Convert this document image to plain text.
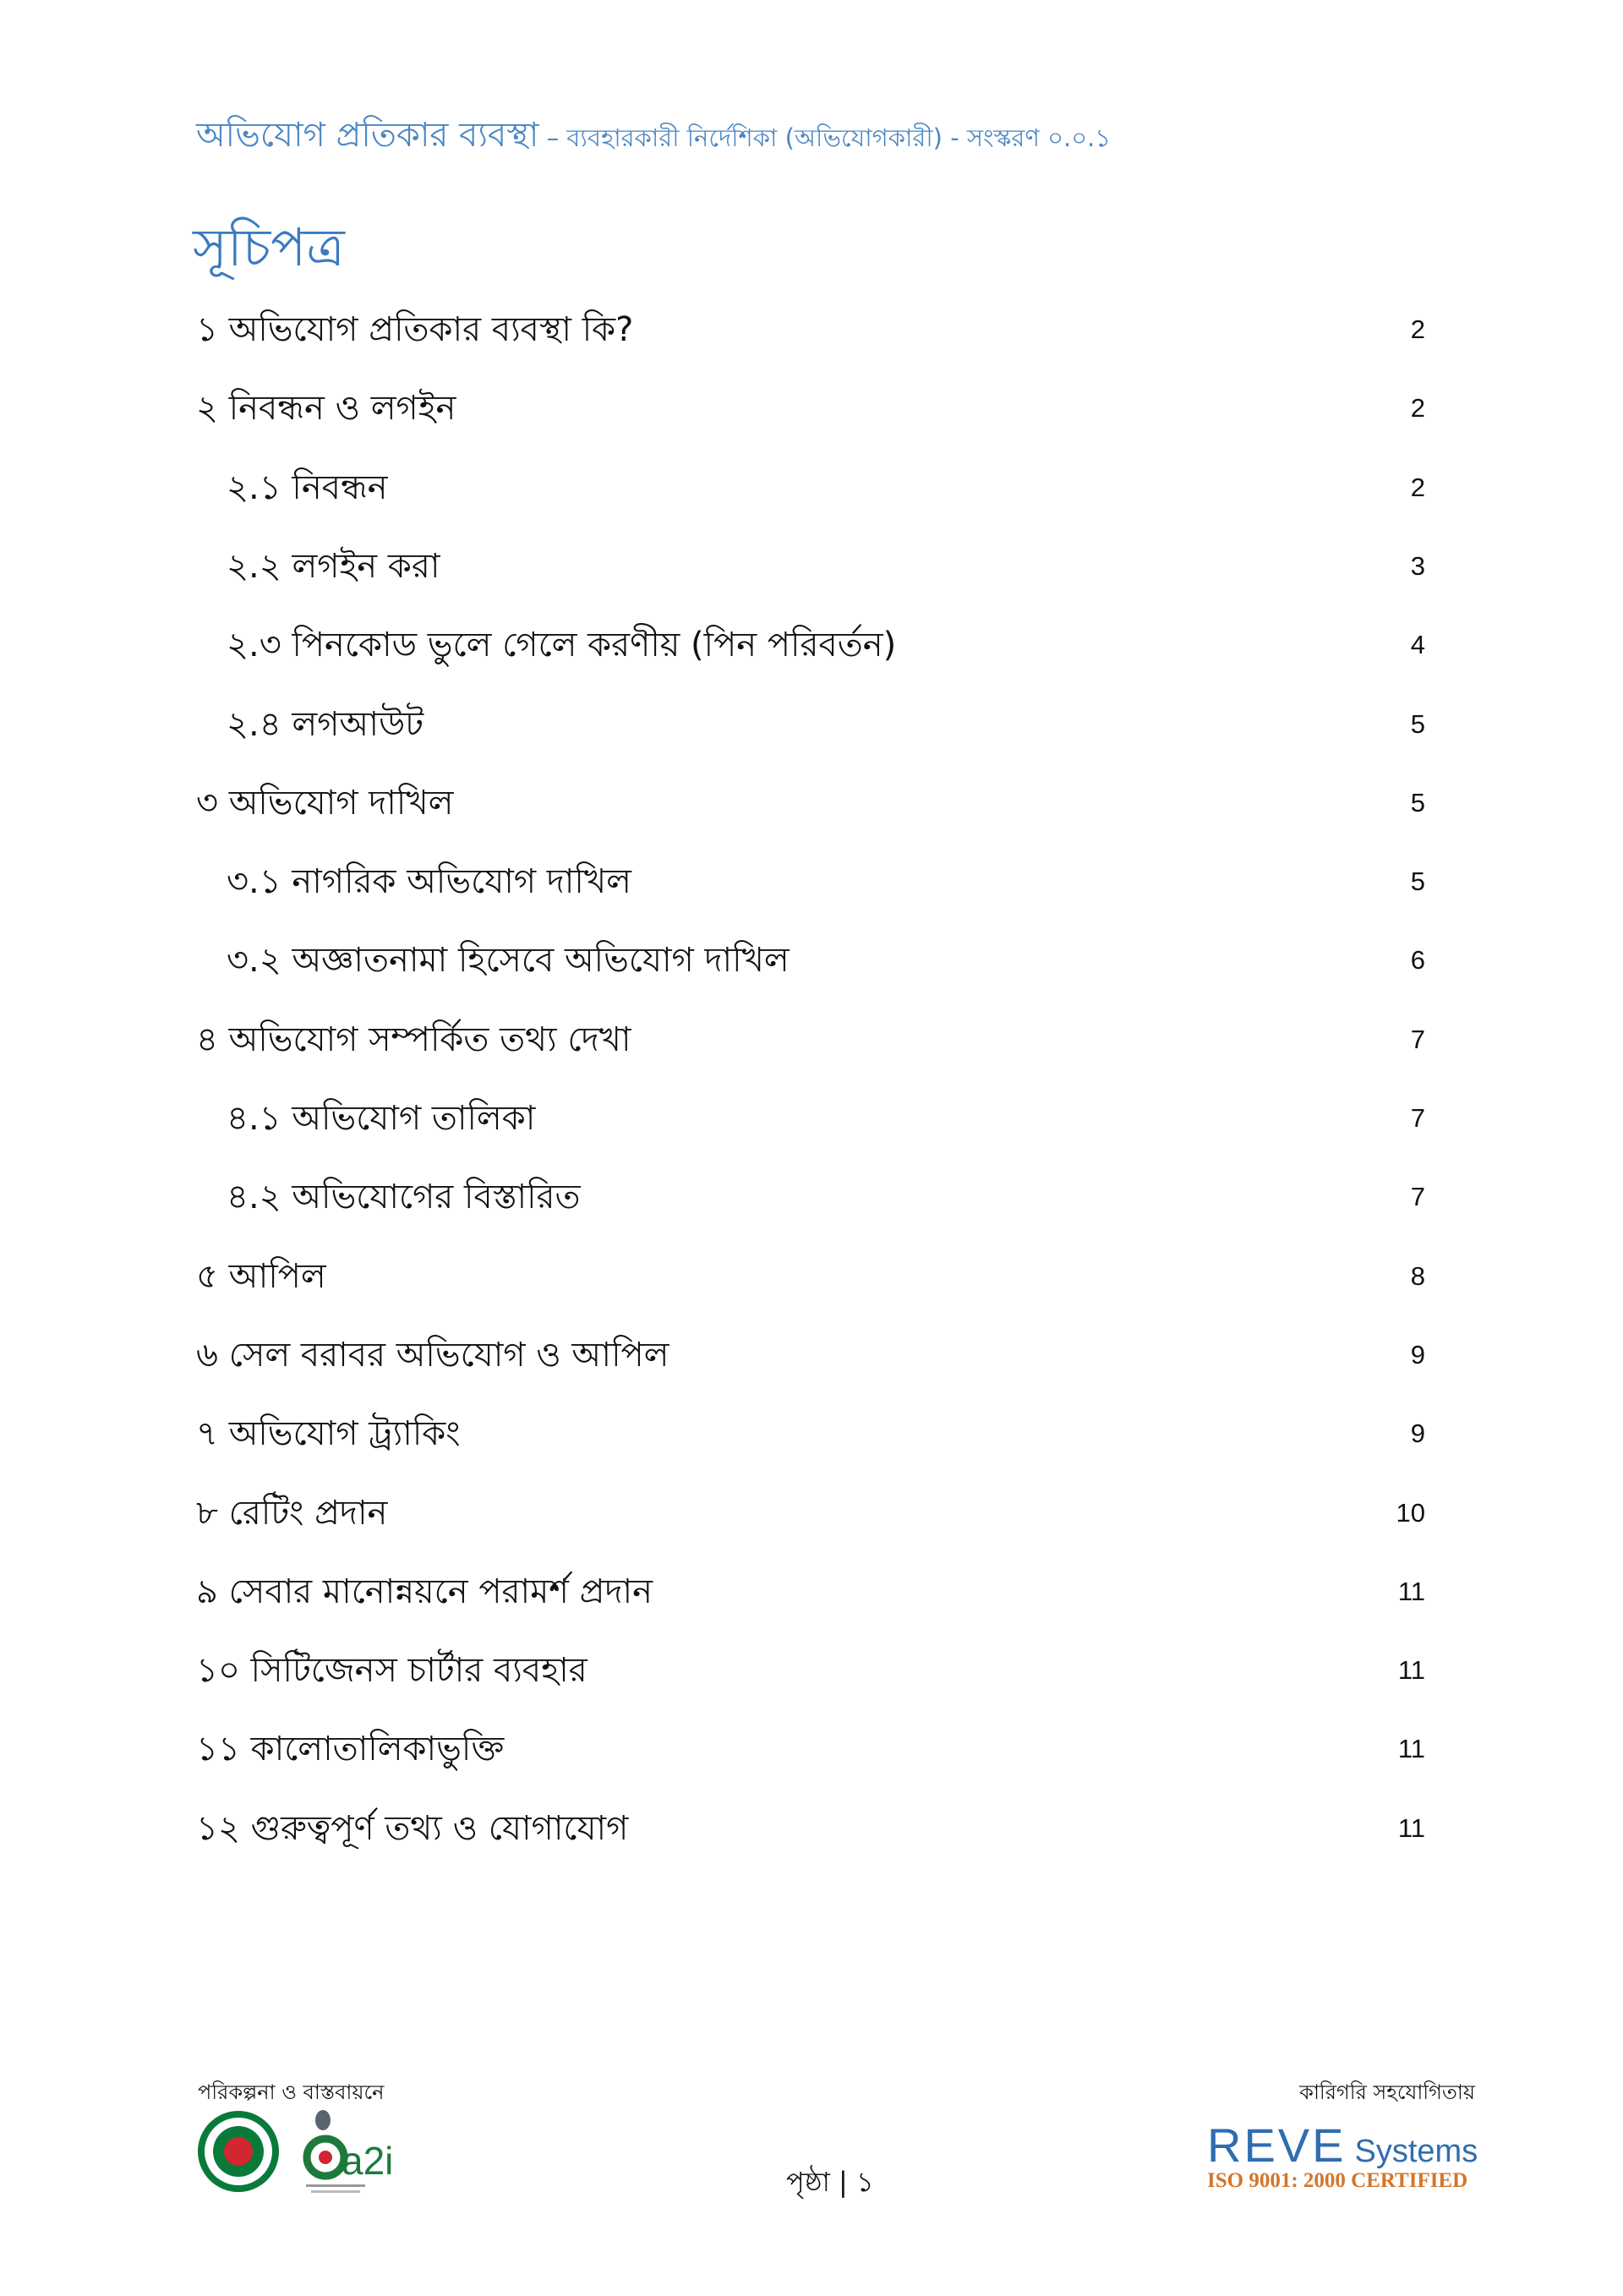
অভিযোগ প্রতিকার ব্যবস্থা – ব্যবহারকারী নির্দেশিকা (অভিযোগকারী) - সংস্করণ ০.০.১
সূচিপত্র
১ অভিযোগ প্রতিকার ব্যবস্থা কি?	2
২ নিবন্ধন ও লগইন	2
২.১ নিবন্ধন	2
২.২ লগইন করা	3
২.৩ পিনকোড ভুলে গেলে করণীয় (পিন পরিবর্তন)	4
২.৪ লগআউট	5
৩ অভিযোগ দাখিল	5
৩.১ নাগরিক অভিযোগ দাখিল	5
৩.২ অজ্ঞাতনামা হিসেবে অভিযোগ দাখিল	6
৪ অভিযোগ সম্পর্কিত তথ্য দেখা	7
৪.১ অভিযোগ তালিকা	7
৪.২ অভিযোগের বিস্তারিত	7
৫ আপিল	8
৬ সেল বরাবর অভিযোগ ও আপিল	9
৭ অভিযোগ ট্র্যাকিং	9
৮ রেটিং প্রদান	10
৯ সেবার মানোন্নয়নে পরামর্শ প্রদান	11
১০ সিটিজেনস চার্টার ব্যবহার	11
১১ কালোতালিকাভুক্তি	11
১২ গুরুত্বপূর্ণ তথ্য ও যোগাযোগ	11
পরিকল্পনা ও বাস্তবায়নে	কারিগরি সহযোগিতায়
a2i	পৃষ্ঠা | ১
REVE Systems
ISO 9001: 2000 CERTIFIED
